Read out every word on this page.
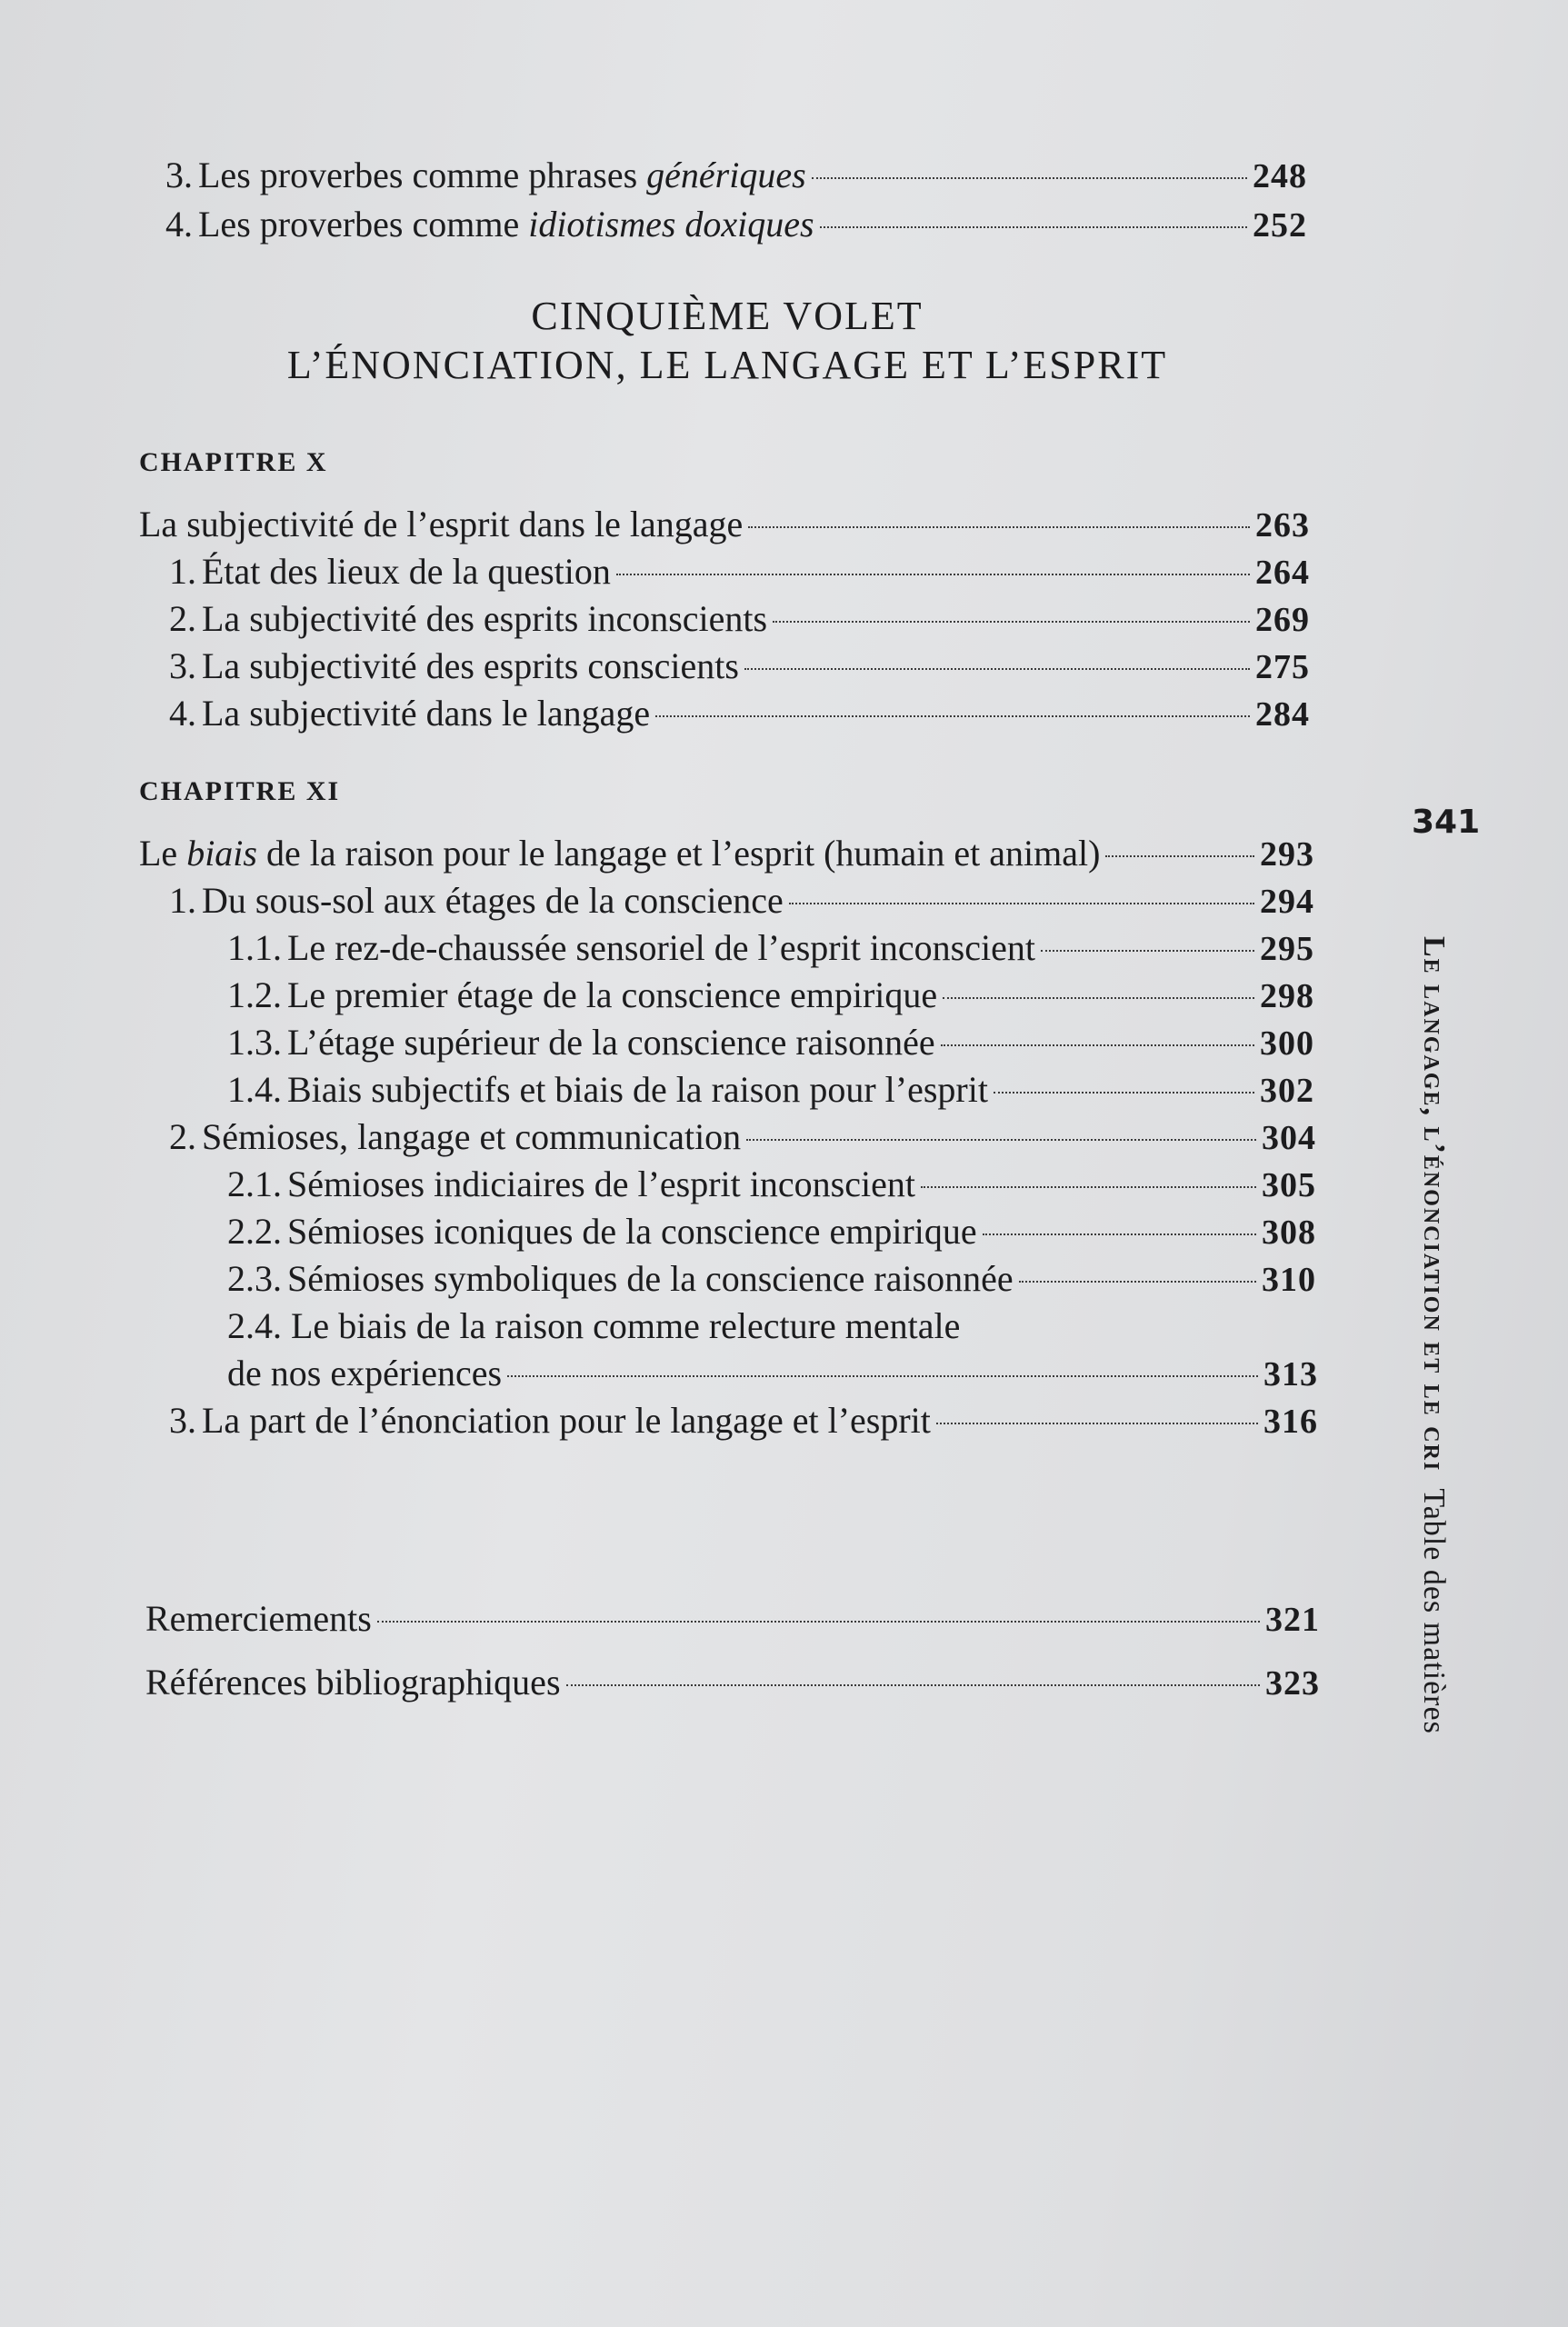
3. Les proverbes comme phrases génériques	248
4. Les proverbes comme idiotismes doxiques	252
CINQUIÈME VOLET
L’ÉNONCIATION, LE LANGAGE ET L’ESPRIT
CHAPITRE X
La subjectivité de l’esprit dans le langage	263
1. État des lieux de la question	264
2. La subjectivité des esprits inconscients	269
3. La subjectivité des esprits conscients	275
4. La subjectivité dans le langage	284
CHAPITRE XI
Le biais de la raison pour le langage et l’esprit (humain et animal)	293
1. Du sous-sol aux étages de la conscience	294
1.1. Le rez-de-chaussée sensoriel de l’esprit inconscient	295
1.2. Le premier étage de la conscience empirique	298
1.3. L’étage supérieur de la conscience raisonnée	300
1.4. Biais subjectifs et biais de la raison pour l’esprit	302
2. Sémioses, langage et communication	304
2.1. Sémioses indiciaires de l’esprit inconscient	305
2.2. Sémioses iconiques de la conscience empirique	308
2.3. Sémioses symboliques de la conscience raisonnée	310
2.4. Le biais de la raison comme relecture mentale
de nos expériences	313
3. La part de l’énonciation pour le langage et l’esprit	316
Remerciements	321
Références bibliographiques	323
341
Le langage, l’énonciation et le criTable des matières
